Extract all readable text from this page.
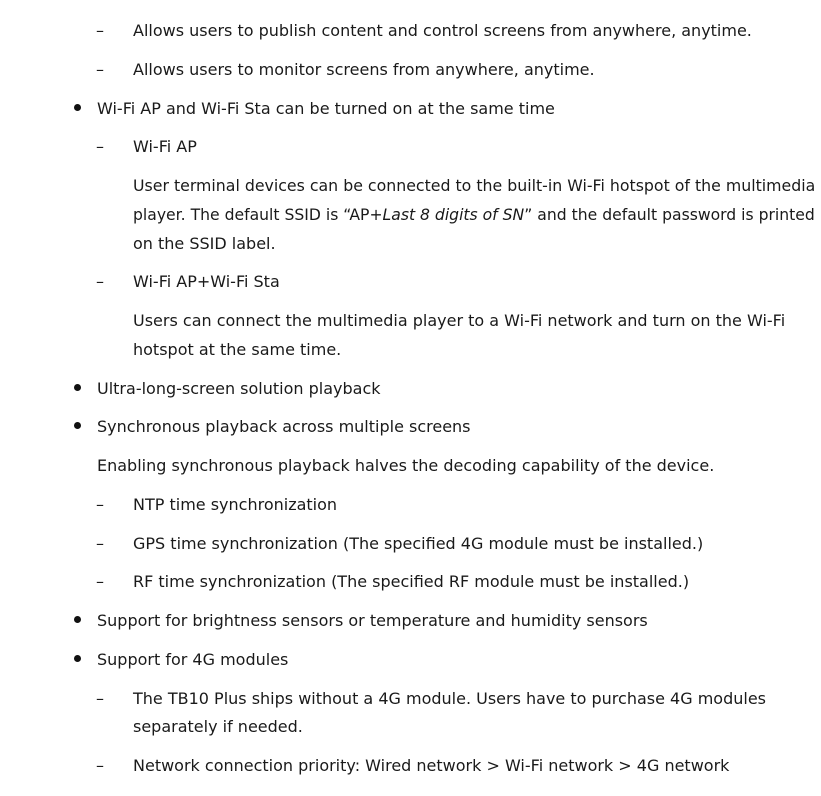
– Allows users to publish content and control screens from anywhere, anytime.
– Allows users to monitor screens from anywhere, anytime.
Wi-Fi AP and Wi-Fi Sta can be turned on at the same time
– Wi-Fi AP
User terminal devices can be connected to the built-in Wi-Fi hotspot of the multimedia
player. The default SSID is “AP+Last 8 digits of SN” and the default password is printed
on the SSID label.
– Wi-Fi AP+Wi-Fi Sta
Users can connect the multimedia player to a Wi-Fi network and turn on the Wi-Fi
hotspot at the same time.
Ultra-long-screen solution playback
Synchronous playback across multiple screens
Enabling synchronous playback halves the decoding capability of the device.
– NTP time synchronization
– GPS time synchronization (The specified 4G module must be installed.)
– RF time synchronization (The specified RF module must be installed.)
Support for brightness sensors or temperature and humidity sensors
Support for 4G modules
– The TB10 Plus ships without a 4G module. Users have to purchase 4G modules
separately if needed.
– Network connection priority: Wired network > Wi-Fi network > 4G network
